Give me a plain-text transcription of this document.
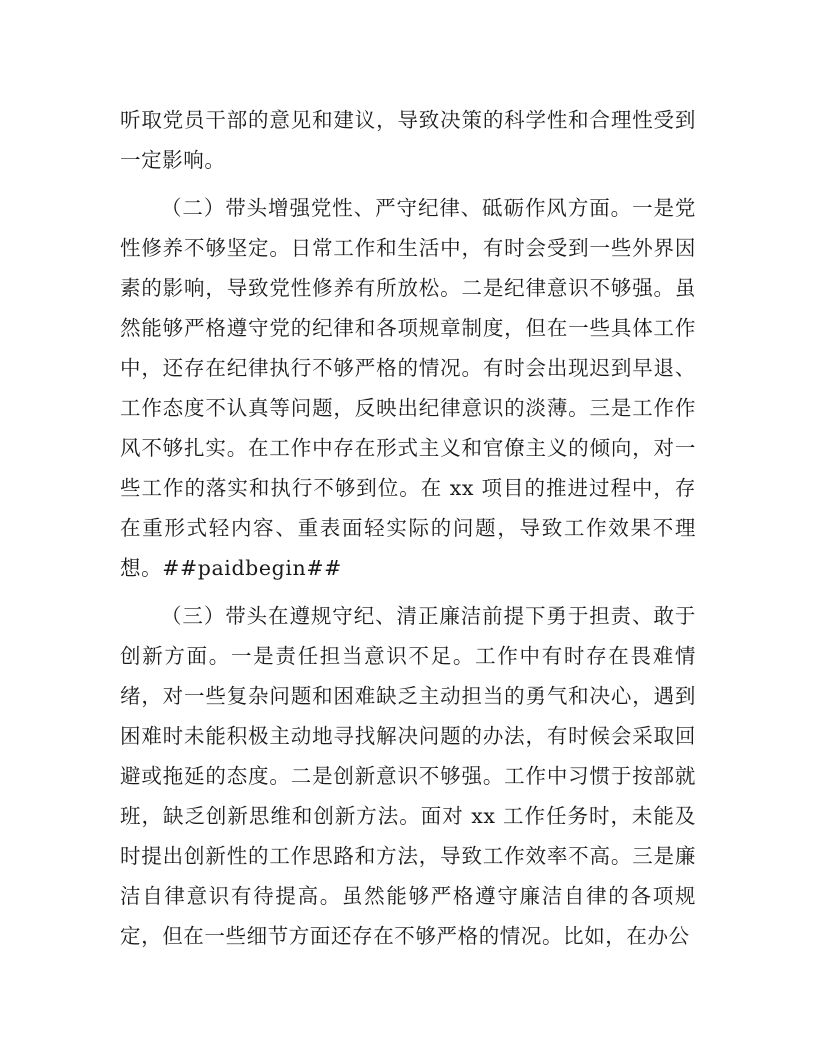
听取党员干部的意见和建议，导致决策的科学性和合理性受到一定影响。

（二）带头增强党性、严守纪律、砥砺作风方面。一是党性修养不够坚定。日常工作和生活中，有时会受到一些外界因素的影响，导致党性修养有所放松。二是纪律意识不够强。虽然能够严格遵守党的纪律和各项规章制度，但在一些具体工作中，还存在纪律执行不够严格的情况。有时会出现迟到早退、工作态度不认真等问题，反映出纪律意识的淡薄。三是工作作风不够扎实。在工作中存在形式主义和官僚主义的倾向，对一些工作的落实和执行不够到位。在 xx 项目的推进过程中，存在重形式轻内容、重表面轻实际的问题，导致工作效果不理想。##paidbegin##

（三）带头在遵规守纪、清正廉洁前提下勇于担责、敢于创新方面。一是责任担当意识不足。工作中有时存在畏难情绪，对一些复杂问题和困难缺乏主动担当的勇气和决心，遇到困难时未能积极主动地寻找解决问题的办法，有时候会采取回避或拖延的态度。二是创新意识不够强。工作中习惯于按部就班，缺乏创新思维和创新方法。面对 xx 工作任务时，未能及时提出创新性的工作思路和方法，导致工作效率不高。三是廉洁自律意识有待提高。虽然能够严格遵守廉洁自律的各项规定，但在一些细节方面还存在不够严格的情况。比如，在办公
